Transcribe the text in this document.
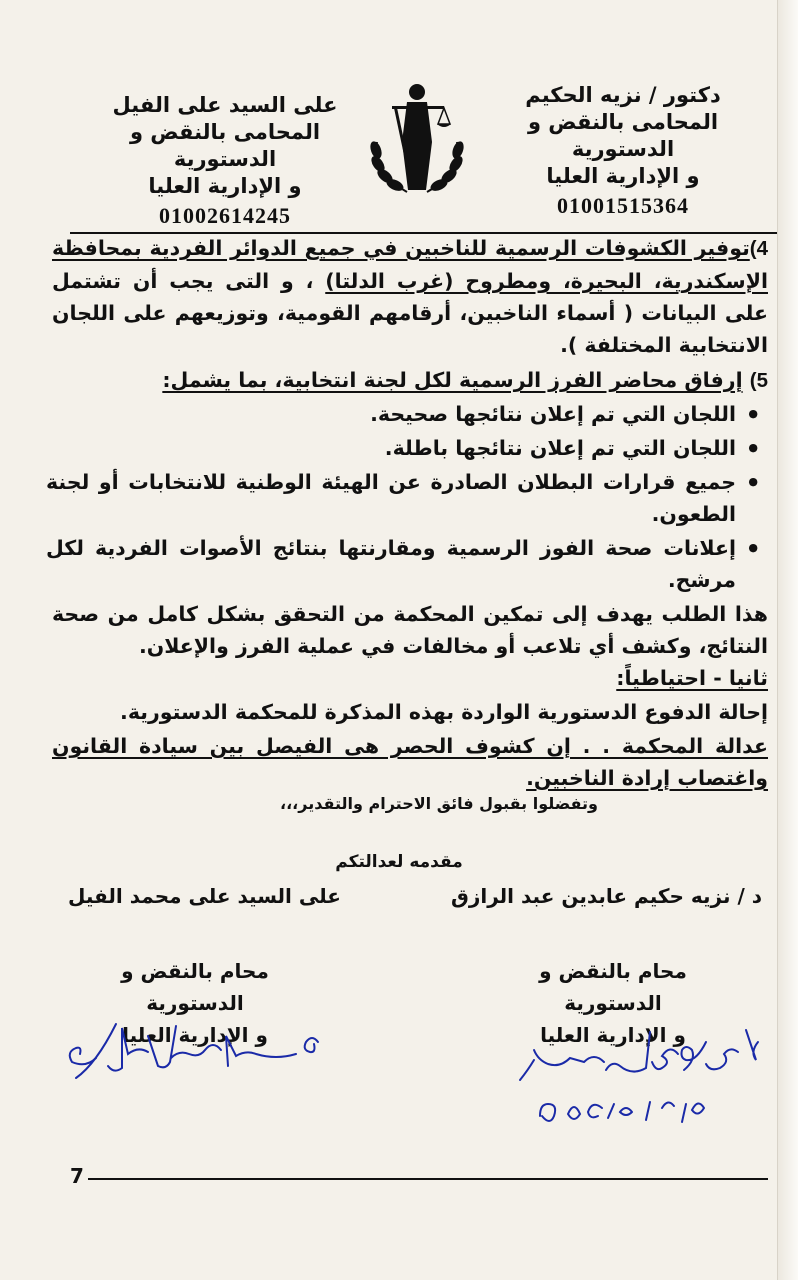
دكتور / نزيه الحكيم
المحامى بالنقض و الدستورية
و الإدارية العليا
01001515364
على السيد على الفيل
المحامى بالنقض و الدستورية
و الإدارية العليا
01002614245
4)توفير الكشوفات الرسمية للناخبين في جميع الدوائر الفردية بمحافظة الإسكندرية، البحيرة، ومطروح (غرب الدلتا) ، و التى يجب أن تشتمل على البيانات ( أسماء الناخبين، أرقامهم القومية، وتوزيعهم على اللجان الانتخابية المختلفة ).
5) إرفاق محاضر الفرز الرسمية لكل لجنة انتخابية، بما يشمل:
● اللجان التي تم إعلان نتائجها صحيحة.
● اللجان التي تم إعلان نتائجها باطلة.
● جميع قرارات البطلان الصادرة عن الهيئة الوطنية للانتخابات أو لجنة الطعون.
● إعلانات صحة الفوز الرسمية ومقارنتها بنتائج الأصوات الفردية لكل مرشح.
هذا الطلب يهدف إلى تمكين المحكمة من التحقق بشكل كامل من صحة النتائج، وكشف أي تلاعب أو مخالفات في عملية الفرز والإعلان.
ثانيا - احتياطياً:
إحالة الدفوع الدستورية الواردة بهذه المذكرة للمحكمة الدستورية.
عدالة المحكمة . . إن كشوف الحصر هى الفيصل بين سيادة القانون واغتصاب إرادة الناخبين.
وتفضلوا بقبول فائق الاحترام والتقدير،،،
مقدمه لعدالتكم
د / نزيه حكيم عابدين عبد الرازق
على السيد على محمد الفيل
محام بالنقض و الدستورية
و الإدارية العليا
محام بالنقض و الدستورية
و الإدارية العليا
7
